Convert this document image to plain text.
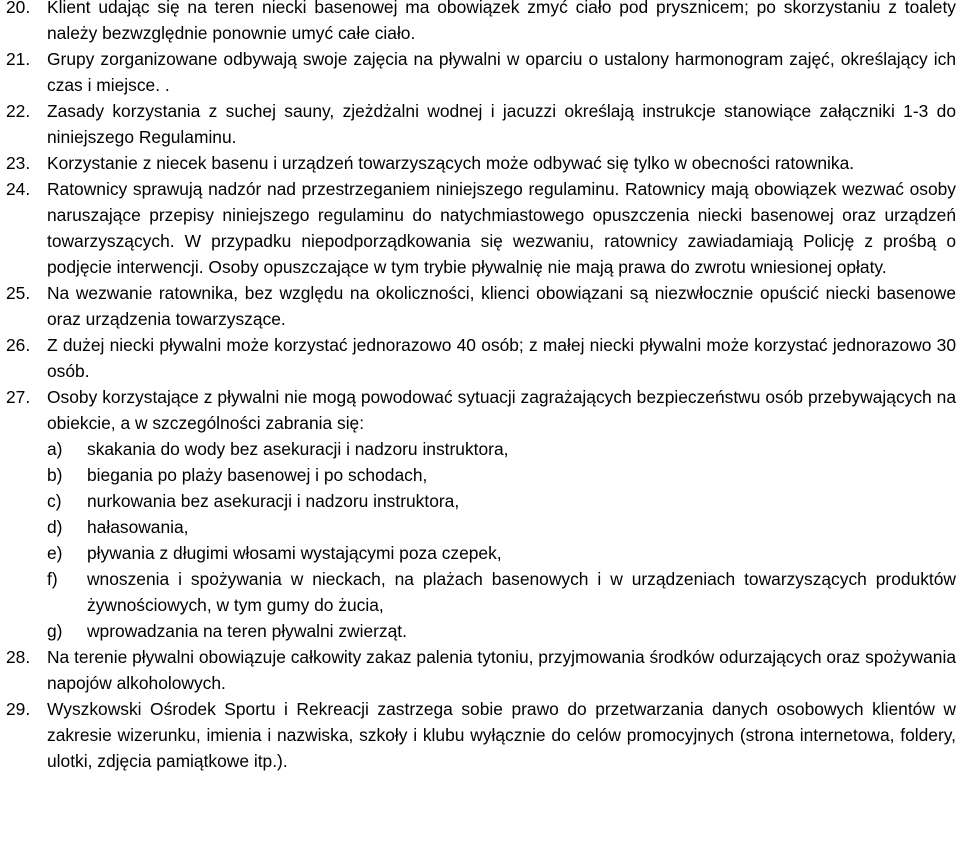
20. Klient udając się na teren niecki basenowej ma obowiązek zmyć ciało pod prysznicem; po skorzystaniu z toalety należy bezwzględnie ponownie umyć całe ciało.
21. Grupy zorganizowane odbywają swoje zajęcia na pływalni w oparciu o ustalony harmonogram zajęć, określający ich czas i miejsce. .
22. Zasady korzystania z suchej sauny, zjeżdżalni wodnej i jacuzzi określają instrukcje stanowiące załączniki 1-3 do niniejszego Regulaminu.
23. Korzystanie z niecek basenu i urządzeń towarzyszących może odbywać się tylko w obecności ratownika.
24. Ratownicy sprawują nadzór nad przestrzeganiem niniejszego regulaminu. Ratownicy mają obowiązek wezwać osoby naruszające przepisy niniejszego regulaminu do natychmiastowego opuszczenia niecki basenowej oraz urządzeń towarzyszących. W przypadku niepodporządkowania się wezwaniu, ratownicy zawiadamiają Policję z prośbą o podjęcie interwencji. Osoby opuszczające w tym trybie pływalnię nie mają prawa do zwrotu wniesionej opłaty.
25. Na wezwanie ratownika, bez względu na okoliczności, klienci obowiązani są niezwłocznie opuścić niecki basenowe oraz urządzenia towarzyszące.
26. Z dużej niecki pływalni może korzystać jednorazowo 40 osób; z małej niecki pływalni może korzystać jednorazowo 30 osób.
27. Osoby korzystające z pływalni nie mogą powodować sytuacji zagrażających bezpieczeństwu osób przebywających na obiekcie, a w szczególności zabrania się:
a) skakania do wody bez asekuracji i nadzoru instruktora,
b) biegania po plaży basenowej i po schodach,
c) nurkowania bez asekuracji i nadzoru instruktora,
d) hałasowania,
e) pływania z długimi włosami wystającymi poza czepek,
f) wnoszenia i spożywania w nieckach, na plażach basenowych i w urządzeniach towarzyszących produktów żywnościowych, w tym gumy do żucia,
g) wprowadzania na teren pływalni zwierząt.
28. Na terenie pływalni obowiązuje całkowity zakaz palenia tytoniu, przyjmowania środków odurzających oraz spożywania napojów alkoholowych.
29. Wyszkowski Ośrodek Sportu i Rekreacji zastrzega sobie prawo do przetwarzania danych osobowych klientów w zakresie wizerunku, imienia i nazwiska, szkoły i klubu wyłącznie do celów promocyjnych (strona internetowa, foldery, ulotki, zdjęcia pamiątkowe itp.).
